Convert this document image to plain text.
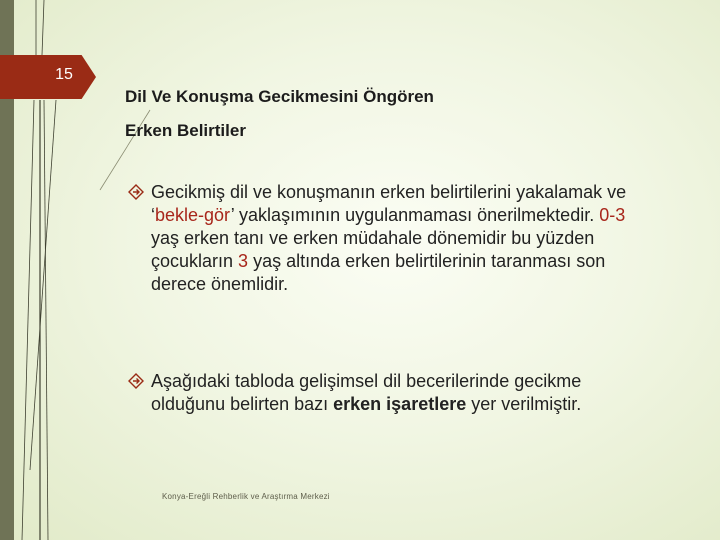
15
Dil Ve Konuşma Gecikmesini Öngören
Erken Belirtiler
Gecikmiş dil ve konuşmanın erken belirtilerini yakalamak ve ‘bekle-gör’ yaklaşımının uygulanmaması önerilmektedir. 0-3 yaş erken tanı ve erken müdahale dönemidir bu yüzden çocukların 3 yaş altında erken belirtilerinin taranması son derece önemlidir.
Aşağıdaki tabloda gelişimsel dil becerilerinde gecikme olduğunu belirten bazı erken işaretlere yer verilmiştir.
Konya-Ereğli Rehberlik ve Araştırma Merkezi
